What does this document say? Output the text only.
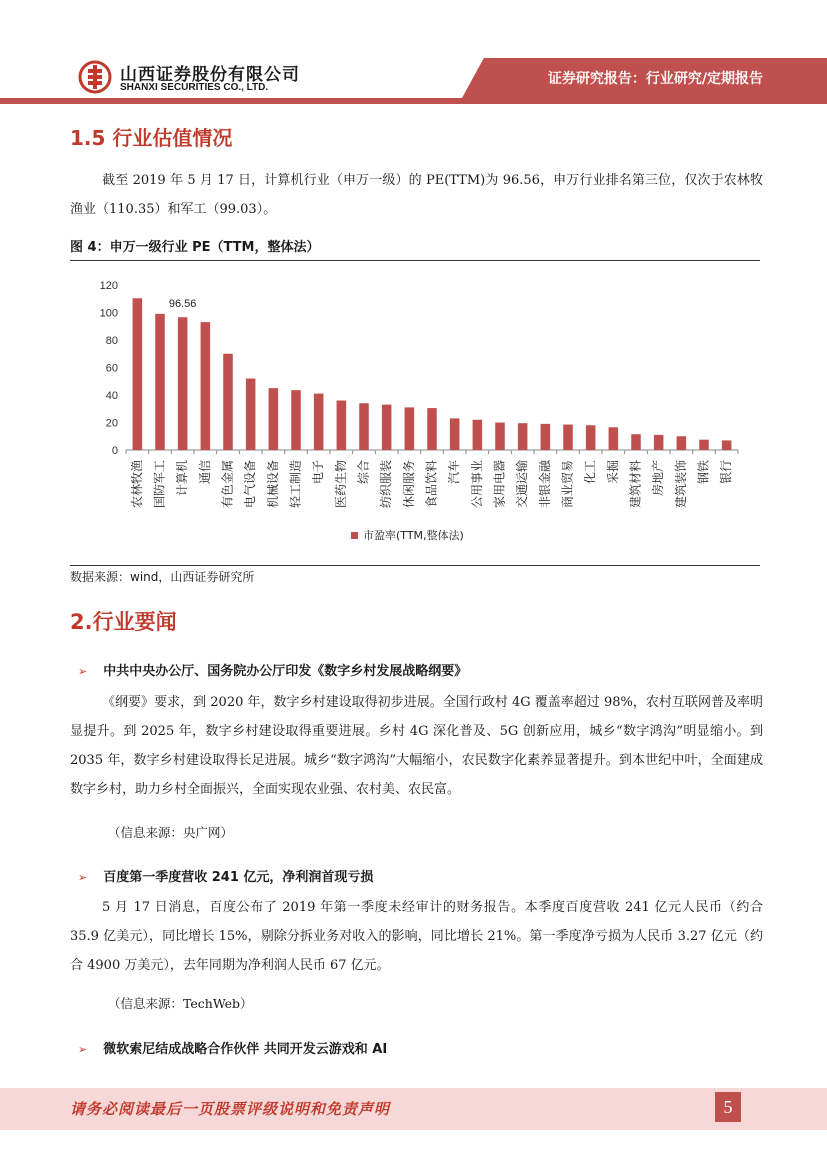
山西证券股份有限公司
SHANXI SECURITIES CO., LTD.
证券研究报告：行业研究/定期报告
1.5 行业估值情况
截至 2019 年 5 月 17 日，计算机行业（申万一级）的 PE(TTM)为 96.56，申万行业排名第三位，仅次于农林牧渔业（110.35）和军工（99.03）。
图 4：申万一级行业 PE（TTM，整体法）
0
20
40
60
80
100
120
农林牧渔 国防军工 计算机 通信 有色金属 电气设备 机械设备 轻工制造 电子 医药生物 综合 纺织服装 休闲服务 食品饮料 汽车 公用事业 家用电器 交通运输 非银金融 商业贸易 化工 采掘 建筑材料 房地产 建筑装饰 钢铁 银行
96.56
市盈率(TTM,整体法)
数据来源：wind，山西证券研究所
2.行业要闻
➢ 中共中央办公厅、国务院办公厅印发《数字乡村发展战略纲要》
《纲要》要求，到 2020 年，数字乡村建设取得初步进展。全国行政村 4G 覆盖率超过 98%，农村互联网普及率明显提升。到 2025 年，数字乡村建设取得重要进展。乡村 4G 深化普及、5G 创新应用，城乡“数字鸿沟”明显缩小。到 2035 年，数字乡村建设取得长足进展。城乡“数字鸿沟”大幅缩小，农民数字化素养显著提升。到本世纪中叶，全面建成数字乡村，助力乡村全面振兴，全面实现农业强、农村美、农民富。
（信息来源：央广网）
➢ 百度第一季度营收 241 亿元，净利润首现亏损
5 月 17 日消息，百度公布了 2019 年第一季度未经审计的财务报告。本季度百度营收 241 亿元人民币（约合 35.9 亿美元），同比增长 15%，剔除分拆业务对收入的影响，同比增长 21%。第一季度净亏损为人民币 3.27 亿元（约合 4900 万美元），去年同期为净利润人民币 67 亿元。
（信息来源：TechWeb）
➢ 微软索尼结成战略合作伙伴 共同开发云游戏和 AI
请务必阅读最后一页股票评级说明和免责声明	5
